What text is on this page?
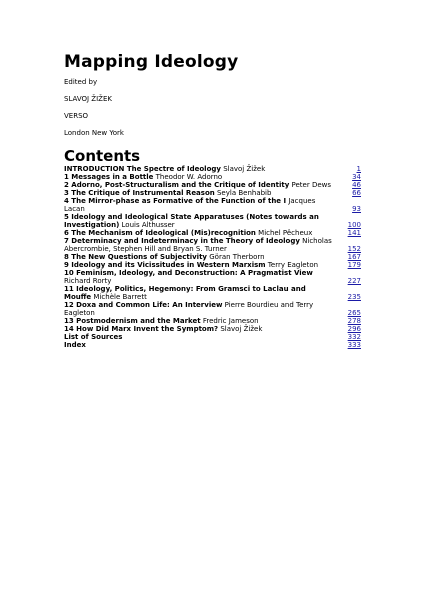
Mapping Ideology

Edited by

SLAVOJ ŽIŽEK

VERSO

London New York

Contents
INTRODUCTION The Spectre of Ideology Slavoj Žižek	1
1 Messages in a Bottle Theodor W. Adorno	34
2 Adorno, Post-Structuralism and the Critique of Identity Peter Dews	46
3 The Critique of Instrumental Reason Seyla Benhabib	66
4 The Mirror-phase as Formative of the Function of the I Jacques Lacan	93
5 Ideology and Ideological State Apparatuses (Notes towards an Investigation) Louis Althusser	100
6 The Mechanism of Ideological (Mis)recognition Michel Pêcheux	141
7 Determinacy and Indeterminacy in the Theory of Ideology Nicholas Abercrombie, Stephen Hill and Bryan S. Turner	152
8 The New Questions of Subjectivity Göran Therborn	167
9 Ideology and its Vicissitudes in Western Marxism Terry Eagleton	179
10 Feminism, Ideology, and Deconstruction: A Pragmatist View Richard Rorty	227
11 Ideology, Politics, Hegemony: From Gramsci to Laclau and Mouffe Michèle Barrett	235
12 Doxa and Common Life: An Interview Pierre Bourdieu and Terry Eagleton	265
13 Postmodernism and the Market Fredric Jameson	278
14 How Did Marx Invent the Symptom? Slavoj Žižek	296
List of Sources	332
Index	333
